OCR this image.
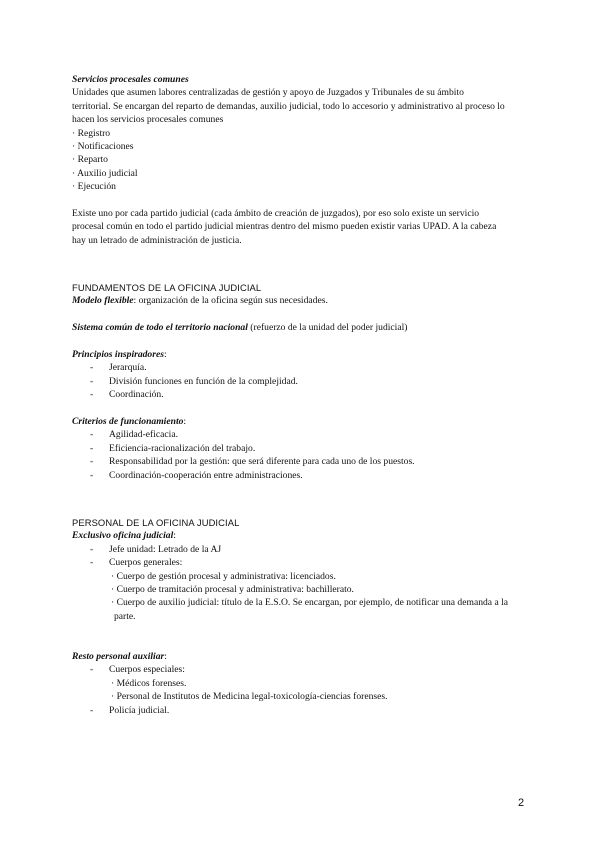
Servicios procesales comunes
Unidades que asumen labores centralizadas de gestión y apoyo de Juzgados y Tribunales de su ámbito
territorial. Se encargan del reparto de demandas, auxilio judicial, todo lo accesorio y administrativo al proceso lo
hacen los servicios procesales comunes
· Registro
· Notificaciones
· Reparto
· Auxilio judicial
· Ejecución
Existe uno por cada partido judicial (cada ámbito de creación de juzgados), por eso solo existe un servicio
procesal común en todo el partido judicial mientras dentro del mismo pueden existir varias UPAD. A la cabeza
hay un letrado de administración de justicia.
FUNDAMENTOS DE LA OFICINA JUDICIAL
Modelo flexible: organización de la oficina según sus necesidades.
Sistema común de todo el territorio nacional (refuerzo de la unidad del poder judicial)
Principios inspiradores:
- Jerarquía.
- División funciones en función de la complejidad.
- Coordinación.
Criterios de funcionamiento:
- Agilidad-eficacia.
- Eficiencia-racionalización del trabajo.
- Responsabilidad por la gestión: que será diferente para cada uno de los puestos.
- Coordinación-cooperación entre administraciones.
PERSONAL DE LA OFICINA JUDICIAL
Exclusivo oficina judicial:
- Jefe unidad: Letrado de la AJ
- Cuerpos generales:
· Cuerpo de gestión procesal y administrativa: licenciados.
· Cuerpo de tramitación procesal y administrativa: bachillerato.
· Cuerpo de auxilio judicial: título de la E.S.O. Se encargan, por ejemplo, de notificar una demanda a la
parte.
Resto personal auxiliar:
- Cuerpos especiales:
· Médicos forenses.
· Personal de Institutos de Medicina legal-toxicología-ciencias forenses.
- Policía judicial.
2
